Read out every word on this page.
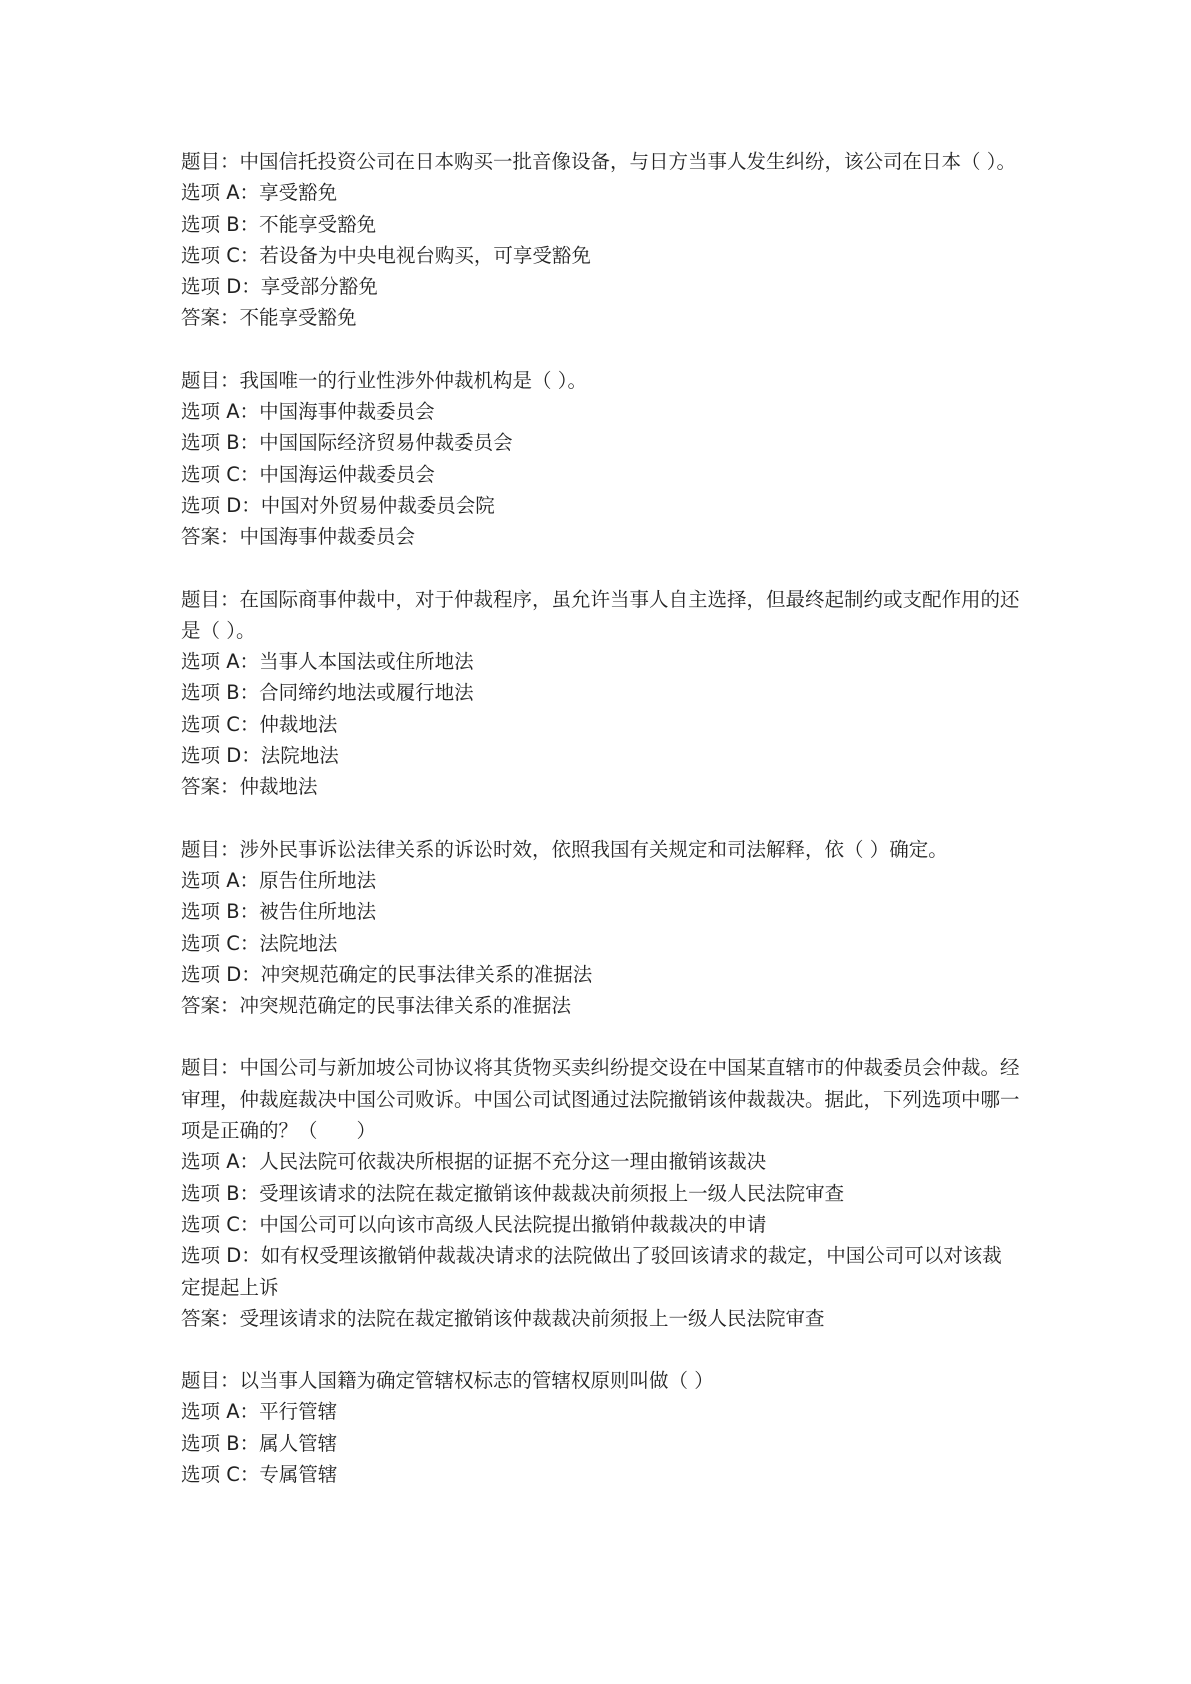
题目：中国信托投资公司在日本购买一批音像设备，与日方当事人发生纠纷，该公司在日本（ ）。
选项 A：享受豁免
选项 B：不能享受豁免
选项 C：若设备为中央电视台购买，可享受豁免
选项 D：享受部分豁免
答案：不能享受豁免
题目：我国唯一的行业性涉外仲裁机构是（ ）。
选项 A：中国海事仲裁委员会
选项 B：中国国际经济贸易仲裁委员会
选项 C：中国海运仲裁委员会
选项 D：中国对外贸易仲裁委员会院
答案：中国海事仲裁委员会
题目：在国际商事仲裁中，对于仲裁程序，虽允许当事人自主选择，但最终起制约或支配作用的还是（ ）。
选项 A：当事人本国法或住所地法
选项 B：合同缔约地法或履行地法
选项 C：仲裁地法
选项 D：法院地法
答案：仲裁地法
题目：涉外民事诉讼法律关系的诉讼时效，依照我国有关规定和司法解释，依（ ）确定。
选项 A：原告住所地法
选项 B：被告住所地法
选项 C：法院地法
选项 D：冲突规范确定的民事法律关系的准据法
答案：冲突规范确定的民事法律关系的准据法
题目：中国公司与新加坡公司协议将其货物买卖纠纷提交设在中国某直辖市的仲裁委员会仲裁。经审理，仲裁庭裁决中国公司败诉。中国公司试图通过法院撤销该仲裁裁决。据此，下列选项中哪一项是正确的？（　　）
选项 A：人民法院可依裁决所根据的证据不充分这一理由撤销该裁决
选项 B：受理该请求的法院在裁定撤销该仲裁裁决前须报上一级人民法院审查
选项 C：中国公司可以向该市高级人民法院提出撤销仲裁裁决的申请
选项 D：如有权受理该撤销仲裁裁决请求的法院做出了驳回该请求的裁定，中国公司可以对该裁定提起上诉
答案：受理该请求的法院在裁定撤销该仲裁裁决前须报上一级人民法院审查
题目：以当事人国籍为确定管辖权标志的管辖权原则叫做（ ）
选项 A：平行管辖
选项 B：属人管辖
选项 C：专属管辖
